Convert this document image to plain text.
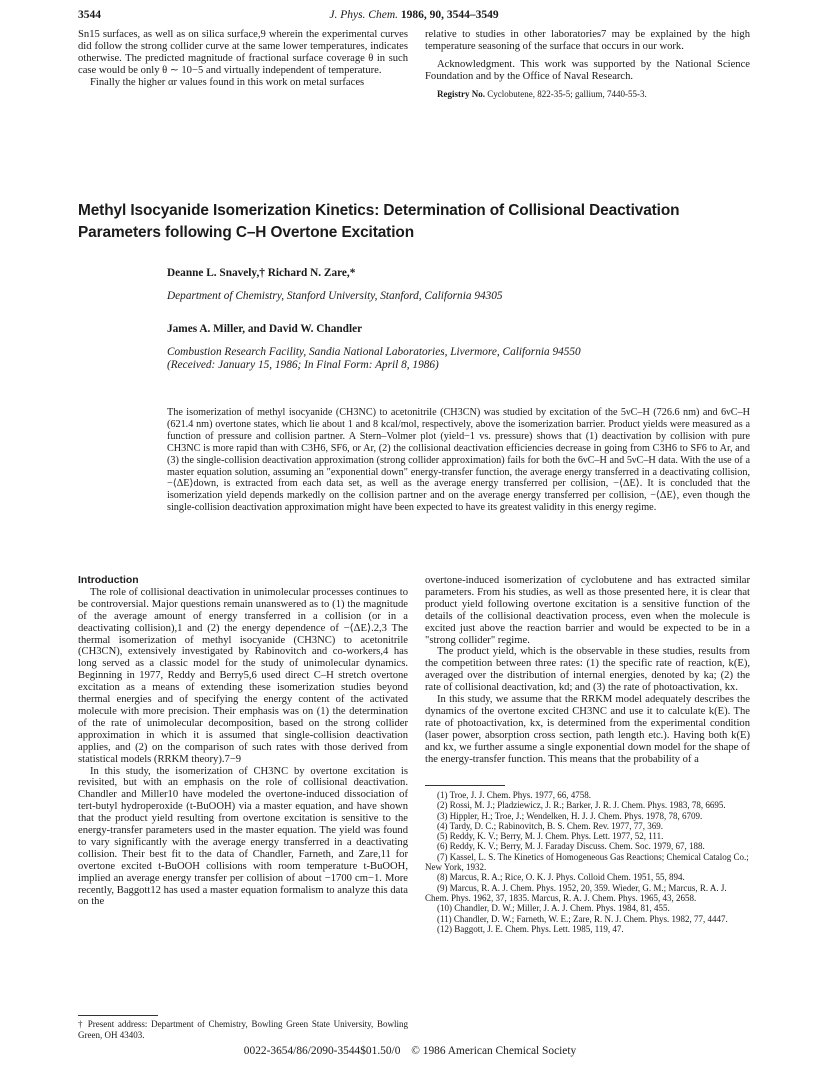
3544	J. Phys. Chem. 1986, 90, 3544–3549

Sn15 surfaces, as well as on silica surface,9 wherein the experimental curves did follow the strong collider curve at the same lower temperatures, indicates otherwise. The predicted magnitude of fractional surface coverage θ in such case would be only θ ∼ 10−5 and virtually independent of temperature.

Finally the higher αr values found in this work on metal surfaces

relative to studies in other laboratories7 may be explained by the high temperature seasoning of the surface that occurs in our work.

Acknowledgment. This work was supported by the National Science Foundation and by the Office of Naval Research.

Registry No. Cyclobutene, 822-35-5; gallium, 7440-55-3.

Methyl Isocyanide Isomerization Kinetics: Determination of Collisional Deactivation Parameters following C–H Overtone Excitation
Deanne L. Snavely,† Richard N. Zare,*
Department of Chemistry, Stanford University, Stanford, California 94305
James A. Miller, and David W. Chandler
Combustion Research Facility, Sandia National Laboratories, Livermore, California 94550
(Received: January 15, 1986; In Final Form: April 8, 1986)
The isomerization of methyl isocyanide (CH3NC) to acetonitrile (CH3CN) was studied by excitation of the 5νC–H (726.6 nm) and 6νC–H (621.4 nm) overtone states, which lie about 1 and 8 kcal/mol, respectively, above the isomerization barrier. Product yields were measured as a function of pressure and collision partner. A Stern–Volmer plot (yield−1 vs. pressure) shows that (1) deactivation by collision with pure CH3NC is more rapid than with C3H6, SF6, or Ar, (2) the collisional deactivation efficiencies decrease in going from C3H6 to SF6 to Ar, and (3) the single-collision deactivation approximation (strong collider approximation) fails for both the 6νC–H and 5νC–H data. With the use of a master equation solution, assuming an "exponential down" energy-transfer function, the average energy transferred in a deactivating collision, −⟨ΔE⟩down, is extracted from each data set, as well as the average energy transferred per collision, −⟨ΔE⟩. It is concluded that the isomerization yield depends markedly on the collision partner and on the average energy transferred per collision, −⟨ΔE⟩, even though the single-collision deactivation approximation might have been expected to have its greatest validity in this energy regime.

Introduction

The role of collisional deactivation in unimolecular processes continues to be controversial. Major questions remain unanswered as to (1) the magnitude of the average amount of energy transferred in a collision (or in a deactivating collision),1 and (2) the energy dependence of −⟨ΔE⟩.2,3 The thermal isomerization of methyl isocyanide (CH3NC) to acetonitrile (CH3CN), extensively investigated by Rabinovitch and co-workers,4 has long served as a classic model for the study of unimolecular dynamics. Beginning in 1977, Reddy and Berry5,6 used direct C–H stretch overtone excitation as a means of extending these isomerization studies beyond thermal energies and of specifying the energy content of the activated molecule with more precision. Their emphasis was on (1) the determination of the rate of unimolecular decomposition, based on the strong collider approximation in which it is assumed that single-collision deactivation applies, and (2) on the comparison of such rates with those derived from statistical models (RRKM theory).7−9

In this study, the isomerization of CH3NC by overtone excitation is revisited, but with an emphasis on the role of collisional deactivation. Chandler and Miller10 have modeled the overtone-induced dissociation of tert-butyl hydroperoxide (t-BuOOH) via a master equation, and have shown that the product yield resulting from overtone excitation is sensitive to the energy-transfer parameters used in the master equation. The yield was found to vary significantly with the average energy transferred in a deactivating collision. Their best fit to the data of Chandler, Farneth, and Zare,11 for overtone excited t-BuOOH collisions with room temperature t-BuOOH, implied an average energy transfer per collision of about −1700 cm−1. More recently, Baggott12 has used a master equation formalism to analyze this data on the

overtone-induced isomerization of cyclobutene and has extracted similar parameters. From his studies, as well as those presented here, it is clear that product yield following overtone excitation is a sensitive function of the details of the collisional deactivation process, even when the molecule is excited just above the reaction barrier and would be expected to be in a "strong collider" regime.

The product yield, which is the observable in these studies, results from the competition between three rates: (1) the specific rate of reaction, k(E), averaged over the distribution of internal energies, denoted by ka; (2) the rate of collisional deactivation, kd; and (3) the rate of photoactivation, kx.

In this study, we assume that the RRKM model adequately describes the dynamics of the overtone excited CH3NC and use it to calculate k(E). The rate of photoactivation, kx, is determined from the experimental condition (laser power, absorption cross section, path length etc.). Having both k(E) and kx, we further assume a single exponential down model for the shape of the energy-transfer function. This means that the probability of a

(1) Troe, J. J. Chem. Phys. 1977, 66, 4758.

(2) Rossi, M. J.; Pladziewicz, J. R.; Barker, J. R. J. Chem. Phys. 1983, 78, 6695.

(3) Hippler, H.; Troe, J.; Wendelken, H. J. J. Chem. Phys. 1978, 78, 6709.

(4) Tardy, D. C.; Rabinovitch, B. S. Chem. Rev. 1977, 77, 369.

(5) Reddy, K. V.; Berry, M. J. Chem. Phys. Lett. 1977, 52, 111.

(6) Reddy, K. V.; Berry, M. J. Faraday Discuss. Chem. Soc. 1979, 67, 188.

(7) Kassel, L. S. The Kinetics of Homogeneous Gas Reactions; Chemical Catalog Co.; New York, 1932.

(8) Marcus, R. A.; Rice, O. K. J. Phys. Colloid Chem. 1951, 55, 894.

(9) Marcus, R. A. J. Chem. Phys. 1952, 20, 359. Wieder, G. M.; Marcus, R. A. J. Chem. Phys. 1962, 37, 1835. Marcus, R. A. J. Chem. Phys. 1965, 43, 2658.

(10) Chandler, D. W.; Miller, J. A. J. Chem. Phys. 1984, 81, 455.

(11) Chandler, D. W.; Farneth, W. E.; Zare, R. N. J. Chem. Phys. 1982, 77, 4447.

(12) Baggott, J. E. Chem. Phys. Lett. 1985, 119, 47.

† Present address: Department of Chemistry, Bowling Green State University, Bowling Green, OH 43403.
0022-3654/86/2090-3544$01.50/0 © 1986 American Chemical Society
